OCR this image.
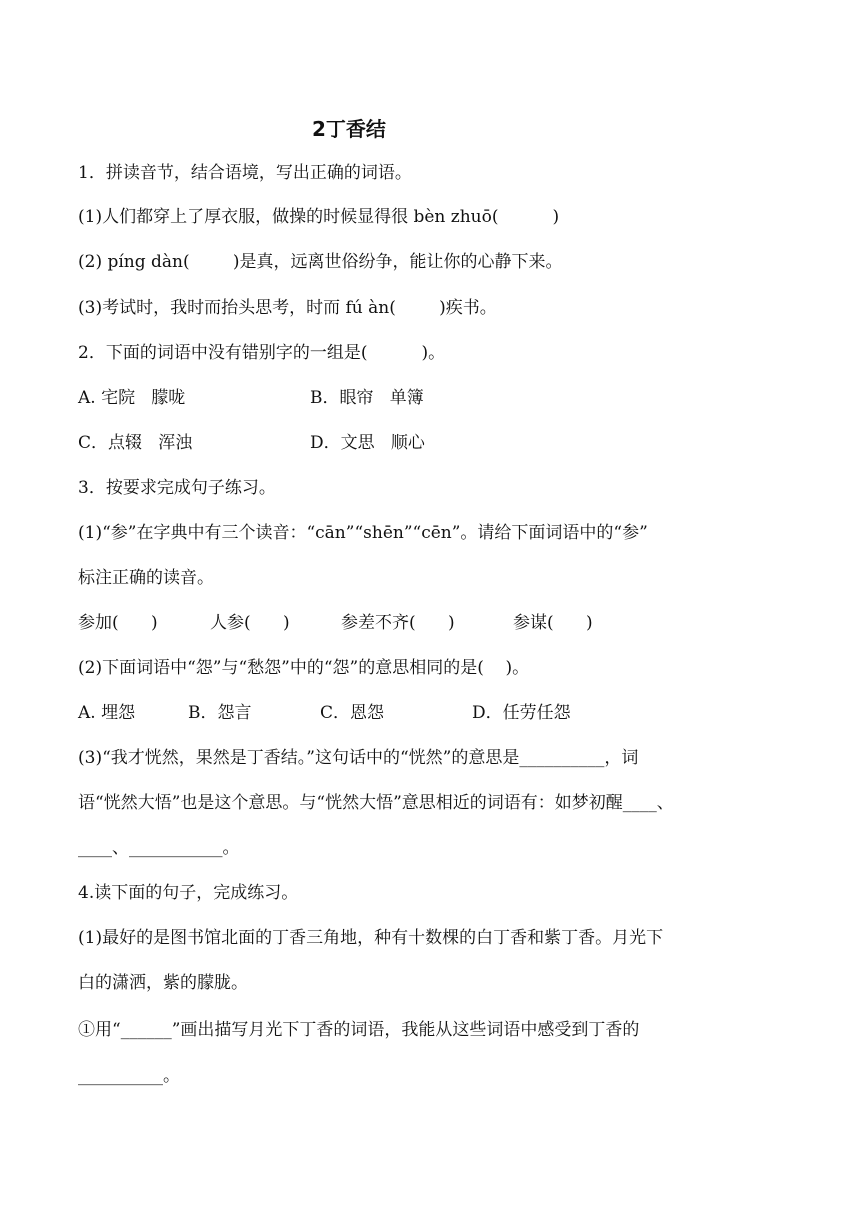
2丁香结
1．拼读音节，结合语境，写出正确的词语。
(1)人们都穿上了厚衣服，做操的时候显得很 bèn zhuō(          )
(2) píng dàn(        )是真，远离世俗纷争，能让你的心静下来。
(3)考试时，我时而抬头思考，时而 fú àn(        )疾书。
2．下面的词语中没有错别字的一组是(          )。
A. 宅院   朦咙	B．眼帘   单簿
C．点辍   浑浊	D．文思   顺心
3．按要求完成句子练习。
(1)“参”在字典中有三个读音：“cān”“shēn”“cēn”。请给下面词语中的“参”
标注正确的读音。
参加(      )	人参(      )	参差不齐(      )	参谋(      )
(2)下面词语中“怨”与“愁怨”中的“怨”的意思相同的是(    )。
A. 埋怨	B．怨言	C．恩怨	D．任劳任怨
(3)“我才恍然，果然是丁香结。”这句话中的“恍然”的意思是__________，词
语“恍然大悟”也是这个意思。与“恍然大悟”意思相近的词语有：如梦初醒____、
____、___________。
4.读下面的句子，完成练习。
(1)最好的是图书馆北面的丁香三角地，种有十数棵的白丁香和紫丁香。月光下
白的潇洒，紫的朦胧。
①用“______”画出描写月光下丁香的词语，我能从这些词语中感受到丁香的
__________。
